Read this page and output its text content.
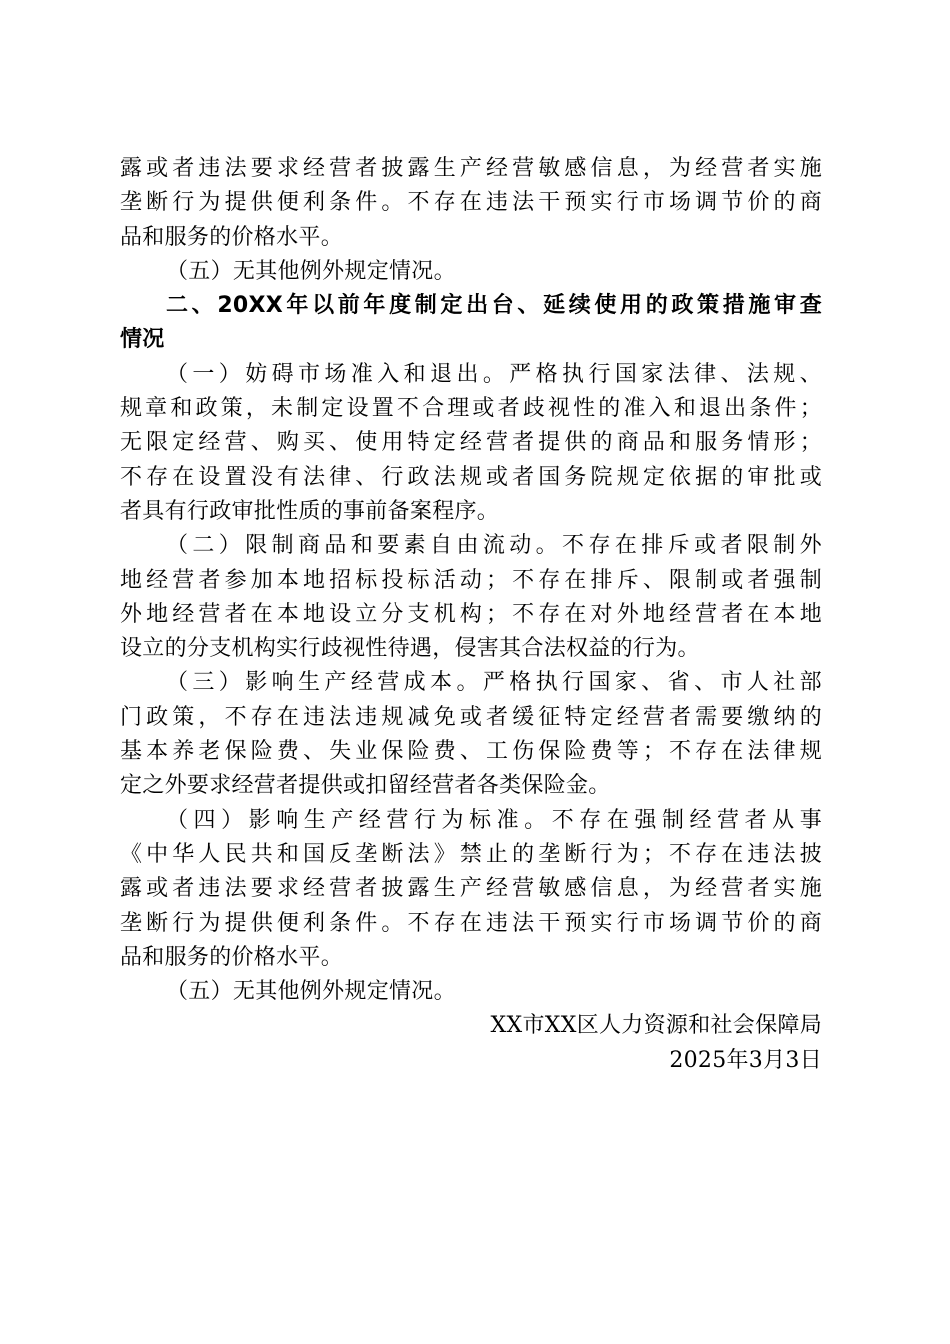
露或者违法要求经营者披露生产经营敏感信息，为经营者实施
垄断行为提供便利条件。不存在违法干预实行市场调节价的商
品和服务的价格水平。
（五）无其他例外规定情况。
二、20XX年以前年度制定出台、延续使用的政策措施审查
情况
（一）妨碍市场准入和退出。严格执行国家法律、法规、
规章和政策，未制定设置不合理或者歧视性的准入和退出条件；
无限定经营、购买、使用特定经营者提供的商品和服务情形；
不存在设置没有法律、行政法规或者国务院规定依据的审批或
者具有行政审批性质的事前备案程序。
（二）限制商品和要素自由流动。不存在排斥或者限制外
地经营者参加本地招标投标活动；不存在排斥、限制或者强制
外地经营者在本地设立分支机构；不存在对外地经营者在本地
设立的分支机构实行歧视性待遇，侵害其合法权益的行为。
（三）影响生产经营成本。严格执行国家、省、市人社部
门政策，不存在违法违规减免或者缓征特定经营者需要缴纳的
基本养老保险费、失业保险费、工伤保险费等；不存在法律规
定之外要求经营者提供或扣留经营者各类保险金。
（四）影响生产经营行为标准。不存在强制经营者从事
《中华人民共和国反垄断法》禁止的垄断行为；不存在违法披
露或者违法要求经营者披露生产经营敏感信息，为经营者实施
垄断行为提供便利条件。不存在违法干预实行市场调节价的商
品和服务的价格水平。
（五）无其他例外规定情况。
XX市XX区人力资源和社会保障局
2025年3月3日
